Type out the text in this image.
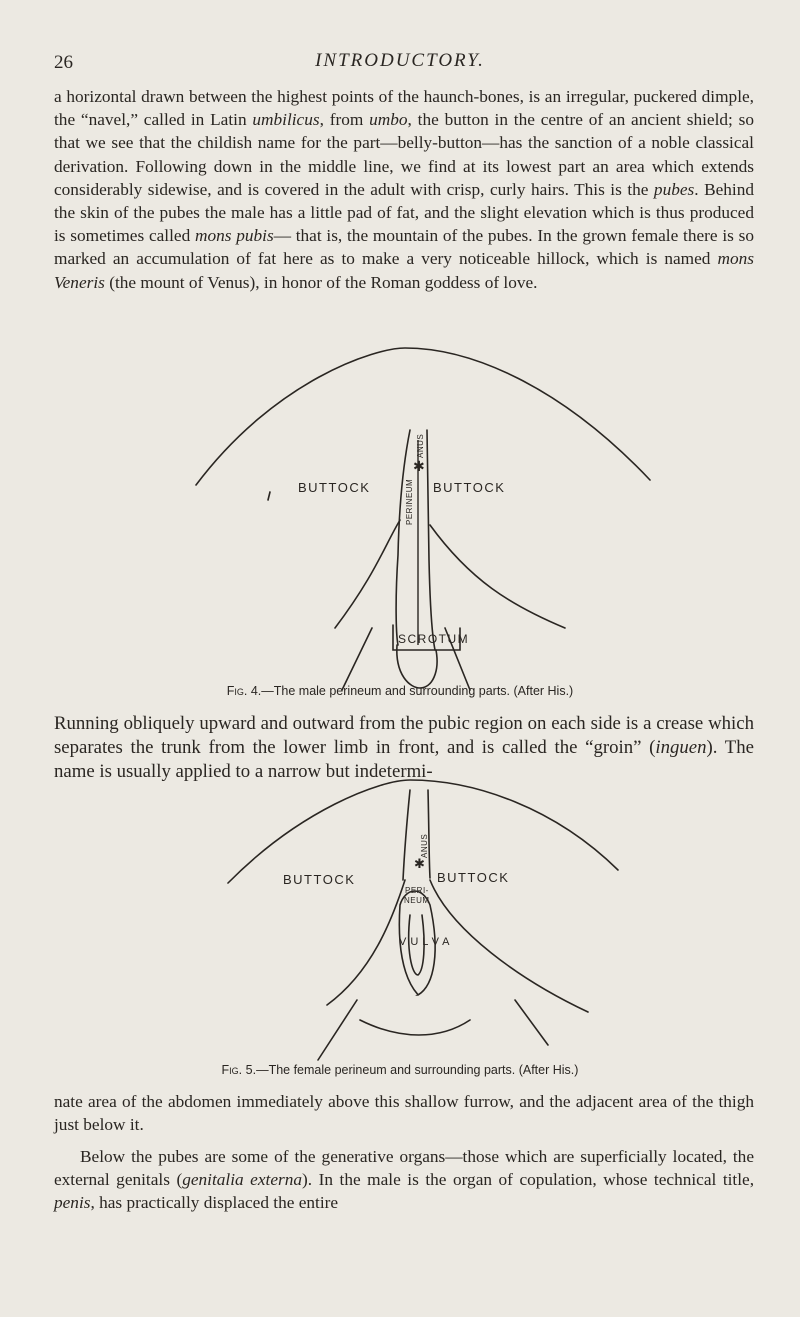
26	INTRODUCTORY.

a horizontal drawn between the highest points of the haunch-bones, is an irregular, puckered dimple, the “navel,” called in Latin umbilicus, from umbo, the button in the centre of an ancient shield; so that we see that the childish name for the part—belly-button—has the sanction of a noble classical derivation. Following down in the middle line, we find at its lowest part an area which extends considerably sidewise, and is covered in the adult with crisp, curly hairs. This is the pubes. Behind the skin of the pubes the male has a little pad of fat, and the slight elevation which is thus produced is sometimes called mons pubis— that is, the mountain of the pubes. In the grown female there is so marked an accumulation of fat here as to make a very noticeable hillock, which is named mons Veneris (the mount of Venus), in honor of the Roman goddess of love.

BUTTOCK	BUTTOCK
ANUS
PERINEUM
SCROTUM
✱
Fig. 4.—The male perineum and surrounding parts. (After His.)

Running obliquely upward and outward from the pubic region on each side is a crease which separates the trunk from the lower limb in front, and is called the “groin” (inguen). The name is usually applied to a narrow but indetermi-

BUTTOCK	BUTTOCK
ANUS
PERI-
NEUM
VULVA
✱
Fig. 5.—The female perineum and surrounding parts. (After His.)

nate area of the abdomen immediately above this shallow furrow, and the adjacent area of the thigh just below it.

Below the pubes are some of the generative organs—those which are superficially located, the external genitals (genitalia externa). In the male is the organ of copulation, whose technical title, penis, has practically displaced the entire
